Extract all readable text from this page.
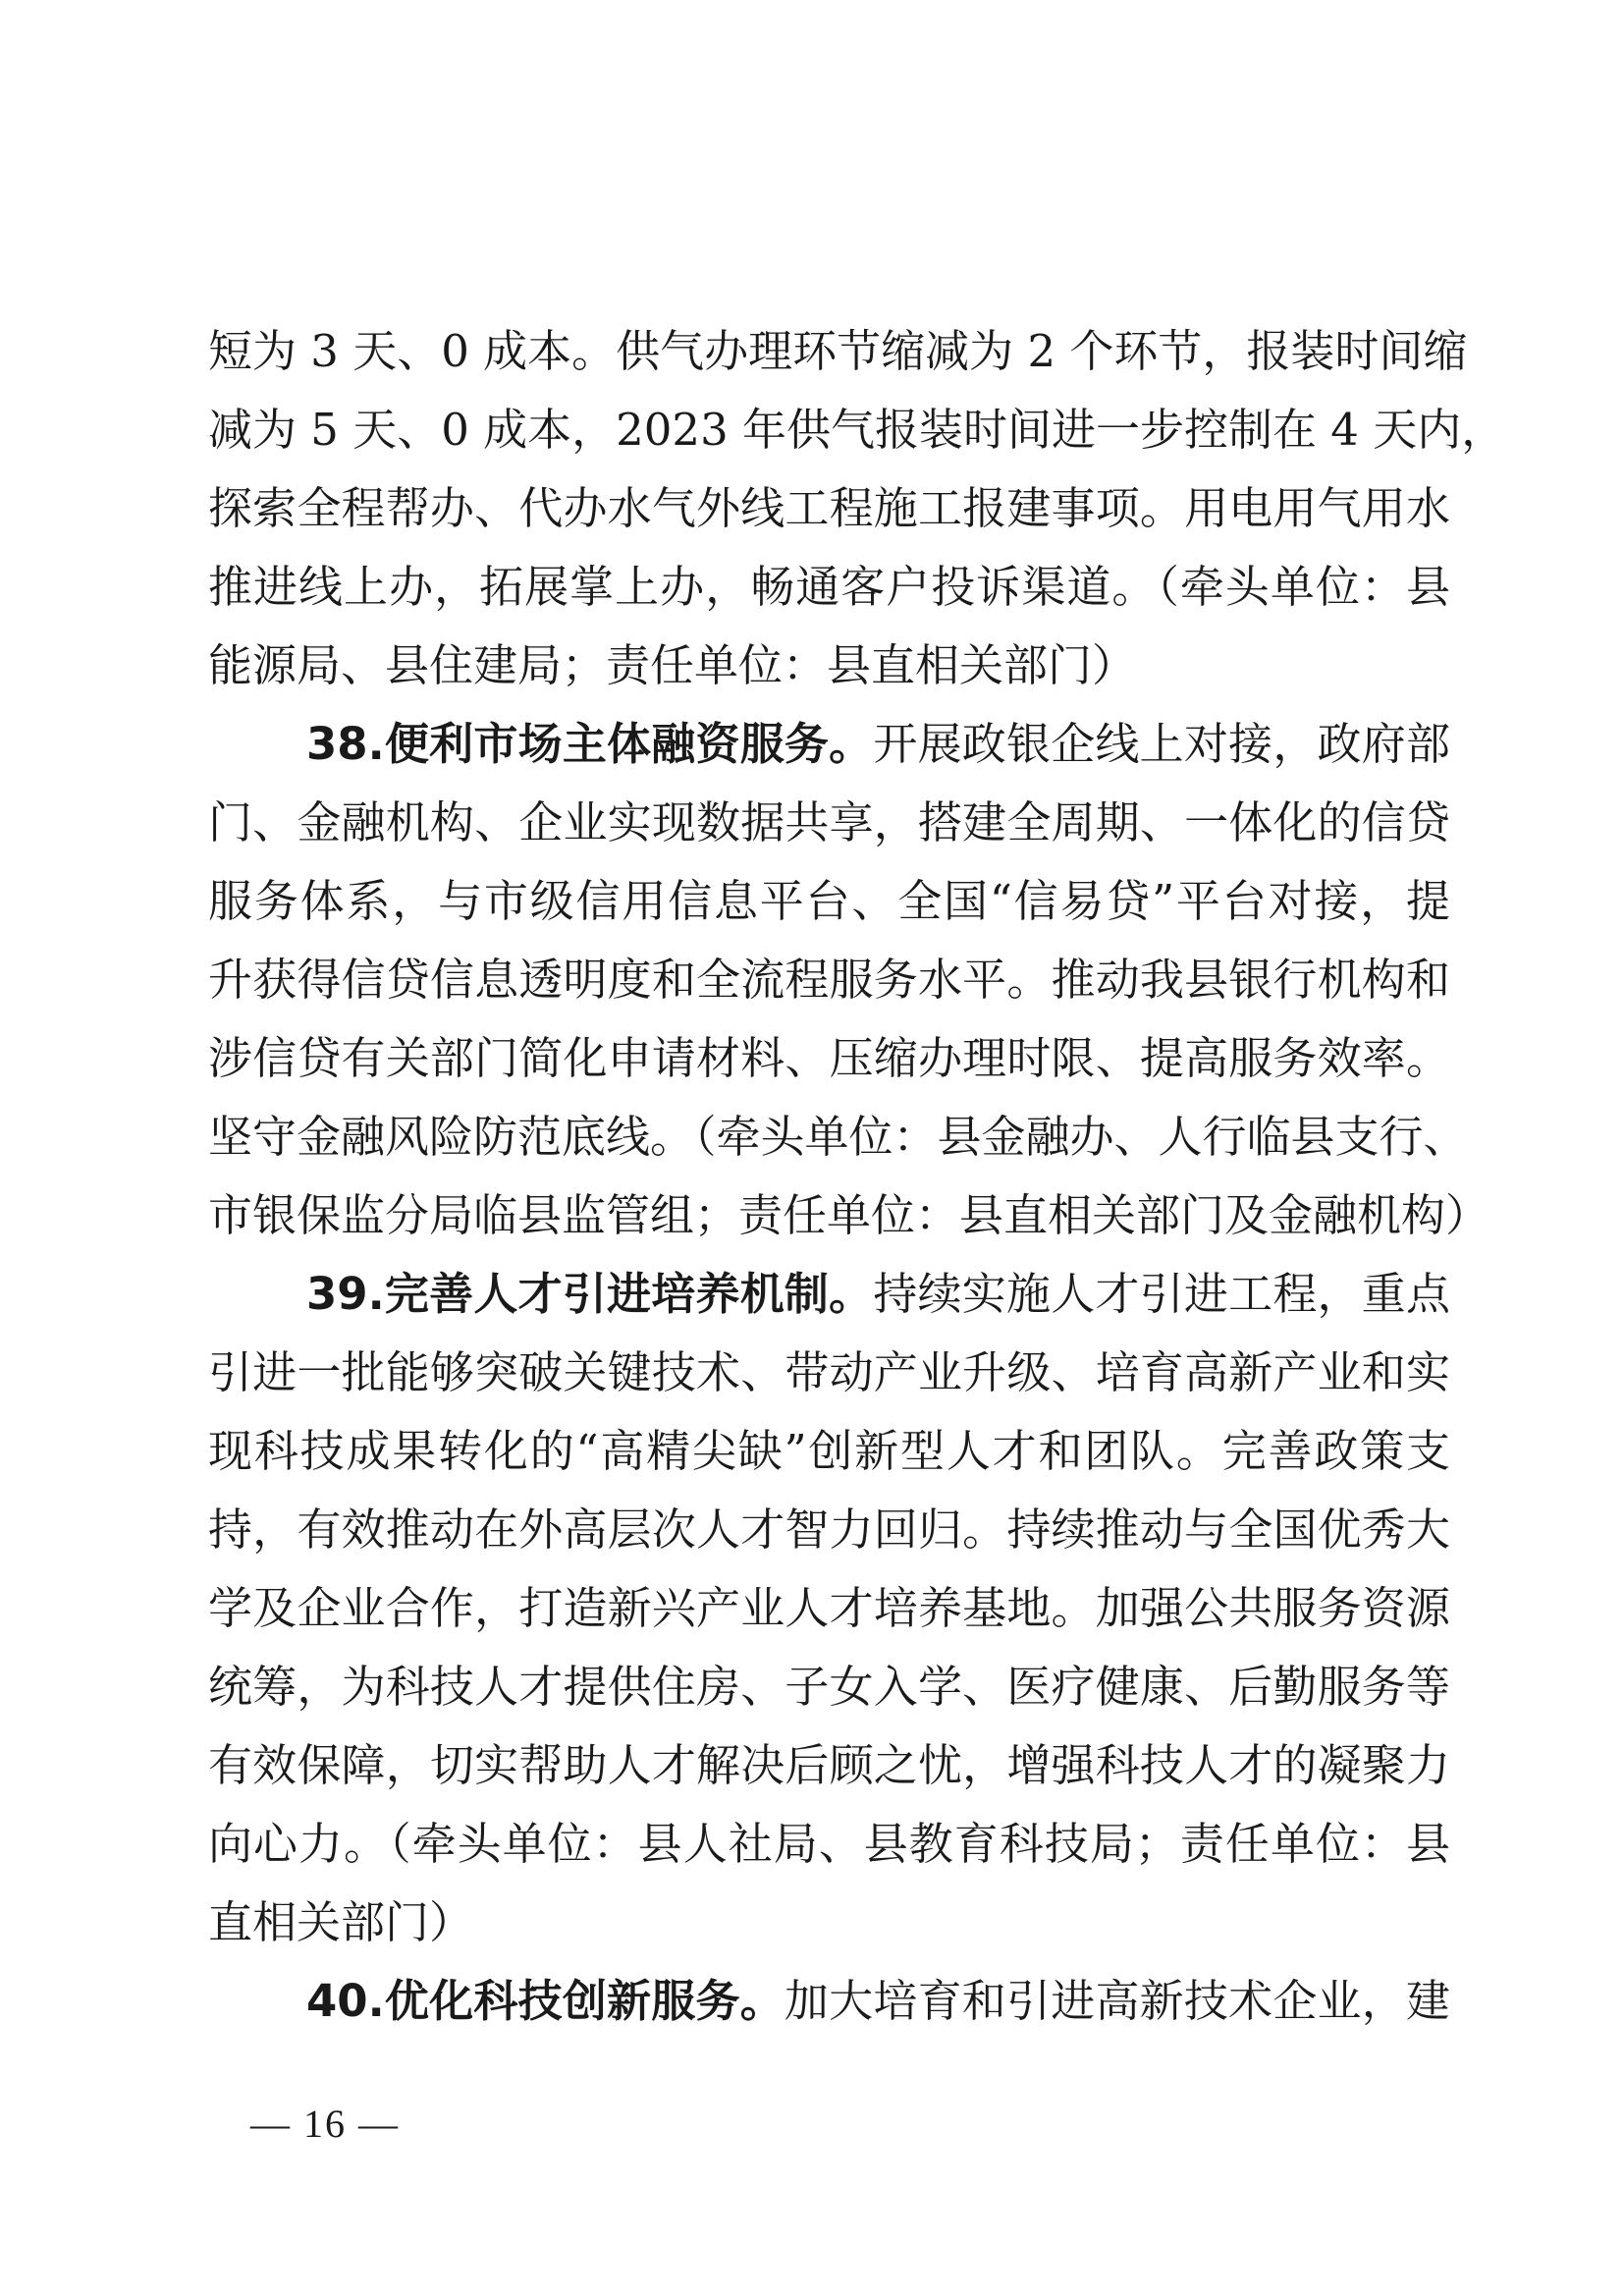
短为 3 天、0 成本。供气办理环节缩减为 2 个环节，报装时间缩
减为 5 天、0 成本，2023 年供气报装时间进一步控制在 4 天内，
探索全程帮办、代办水气外线工程施工报建事项。用电用气用水
推进线上办，拓展掌上办，畅通客户投诉渠道。（牵头单位：县
能源局、县住建局；责任单位：县直相关部门）
38.便利市场主体融资服务。开展政银企线上对接，政府部
门、金融机构、企业实现数据共享，搭建全周期、一体化的信贷
服务体系，与市级信用信息平台、全国“信易贷”平台对接，提
升获得信贷信息透明度和全流程服务水平。推动我县银行机构和
涉信贷有关部门简化申请材料、压缩办理时限、提高服务效率。
坚守金融风险防范底线。（牵头单位：县金融办、人行临县支行、
市银保监分局临县监管组；责任单位：县直相关部门及金融机构）
39.完善人才引进培养机制。持续实施人才引进工程，重点
引进一批能够突破关键技术、带动产业升级、培育高新产业和实
现科技成果转化的“高精尖缺”创新型人才和团队。完善政策支
持，有效推动在外高层次人才智力回归。持续推动与全国优秀大
学及企业合作，打造新兴产业人才培养基地。加强公共服务资源
统筹，为科技人才提供住房、子女入学、医疗健康、后勤服务等
有效保障，切实帮助人才解决后顾之忧，增强科技人才的凝聚力
向心力。（牵头单位：县人社局、县教育科技局；责任单位：县
直相关部门）
40.优化科技创新服务。加大培育和引进高新技术企业，建
— 16 —
